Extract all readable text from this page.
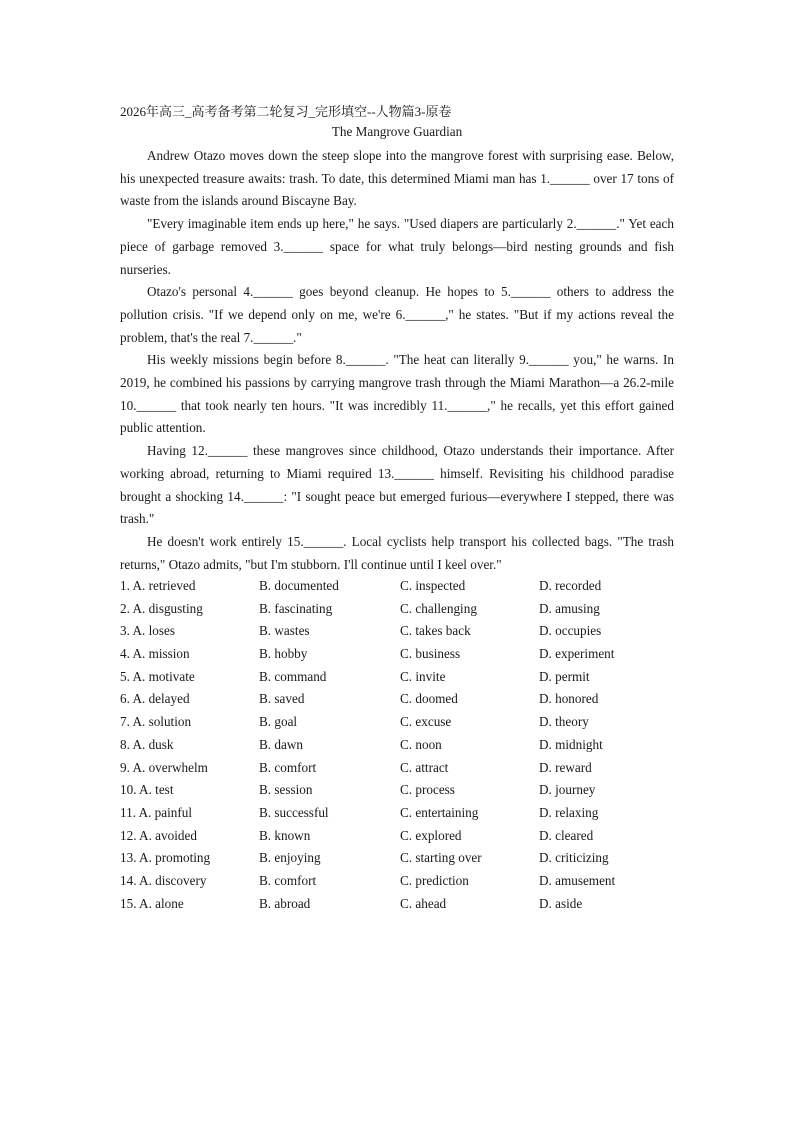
2026年高三_高考备考第二轮复习_完形填空--人物篇3-原卷
The Mangrove Guardian

Andrew Otazo moves down the steep slope into the mangrove forest with surprising ease. Below, his unexpected treasure awaits: trash. To date, this determined Miami man has 1.______ over 17 tons of waste from the islands around Biscayne Bay.

"Every imaginable item ends up here," he says. "Used diapers are particularly 2.______." Yet each piece of garbage removed 3.______ space for what truly belongs—bird nesting grounds and fish nurseries.

Otazo's personal 4.______ goes beyond cleanup. He hopes to 5.______ others to address the pollution crisis. "If we depend only on me, we're 6.______," he states. "But if my actions reveal the problem, that's the real 7.______."

His weekly missions begin before 8.______. "The heat can literally 9.______ you," he warns. In 2019, he combined his passions by carrying mangrove trash through the Miami Marathon—a 26.2-mile 10.______ that took nearly ten hours. "It was incredibly 11.______," he recalls, yet this effort gained public attention.

Having 12.______ these mangroves since childhood, Otazo understands their importance. After working abroad, returning to Miami required 13.______ himself. Revisiting his childhood paradise brought a shocking 14.______: "I sought peace but emerged furious—everywhere I stepped, there was trash."

He doesn't work entirely 15.______. Local cyclists help transport his collected bags. "The trash returns," Otazo admits, "but I'm stubborn. I'll continue until I keel over."

1. A. retrieved	B. documented	C. inspected	D. recorded
2. A. disgusting	B. fascinating	C. challenging	D. amusing
3. A. loses	B. wastes	C. takes back	D. occupies
4. A. mission	B. hobby	C. business	D. experiment
5. A. motivate	B. command	C. invite	D. permit
6. A. delayed	B. saved	C. doomed	D. honored
7. A. solution	B. goal	C. excuse	D. theory
8. A. dusk	B. dawn	C. noon	D. midnight
9. A. overwhelm	B. comfort	C. attract	D. reward
10. A. test	B. session	C. process	D. journey
11. A. painful	B. successful	C. entertaining	D. relaxing
12. A. avoided	B. known	C. explored	D. cleared
13. A. promoting	B. enjoying	C. starting over	D. criticizing
14. A. discovery	B. comfort	C. prediction	D. amusement
15. A. alone	B. abroad	C. ahead	D. aside
